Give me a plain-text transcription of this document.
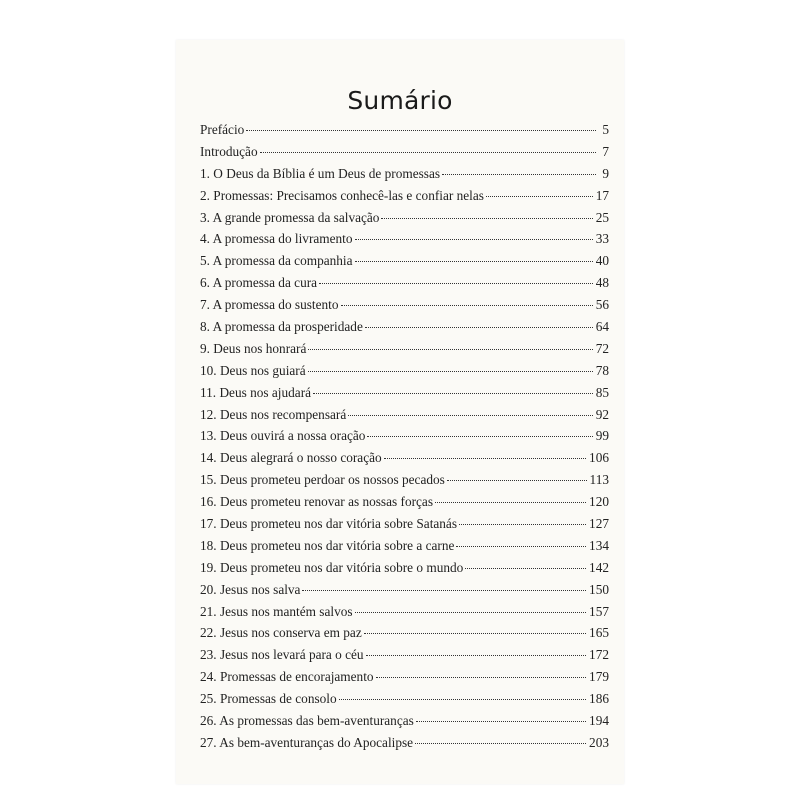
Sumário
Prefácio	5
Introdução	7
1. O Deus da Bíblia é um Deus de promessas	9
2. Promessas: Precisamos conhecê-las e confiar nelas	17
3. A grande promessa da salvação	25
4. A promessa do livramento	33
5. A promessa da companhia	40
6. A promessa da cura	48
7. A promessa do sustento	56
8. A promessa da prosperidade	64
9. Deus nos honrará	72
10. Deus nos guiará	78
11. Deus nos ajudará	85
12. Deus nos recompensará	92
13. Deus ouvirá a nossa oração	99
14. Deus alegrará o nosso coração	106
15. Deus prometeu perdoar os nossos pecados	113
16. Deus prometeu renovar as nossas forças	120
17. Deus prometeu nos dar vitória sobre Satanás	127
18. Deus prometeu nos dar vitória sobre a carne	134
19. Deus prometeu nos dar vitória sobre o mundo	142
20. Jesus nos salva	150
21. Jesus nos mantém salvos	157
22. Jesus nos conserva em paz	165
23. Jesus nos levará para o céu	172
24. Promessas de encorajamento	179
25. Promessas de consolo	186
26. As promessas das bem-aventuranças	194
27. As bem-aventuranças do Apocalipse	203
